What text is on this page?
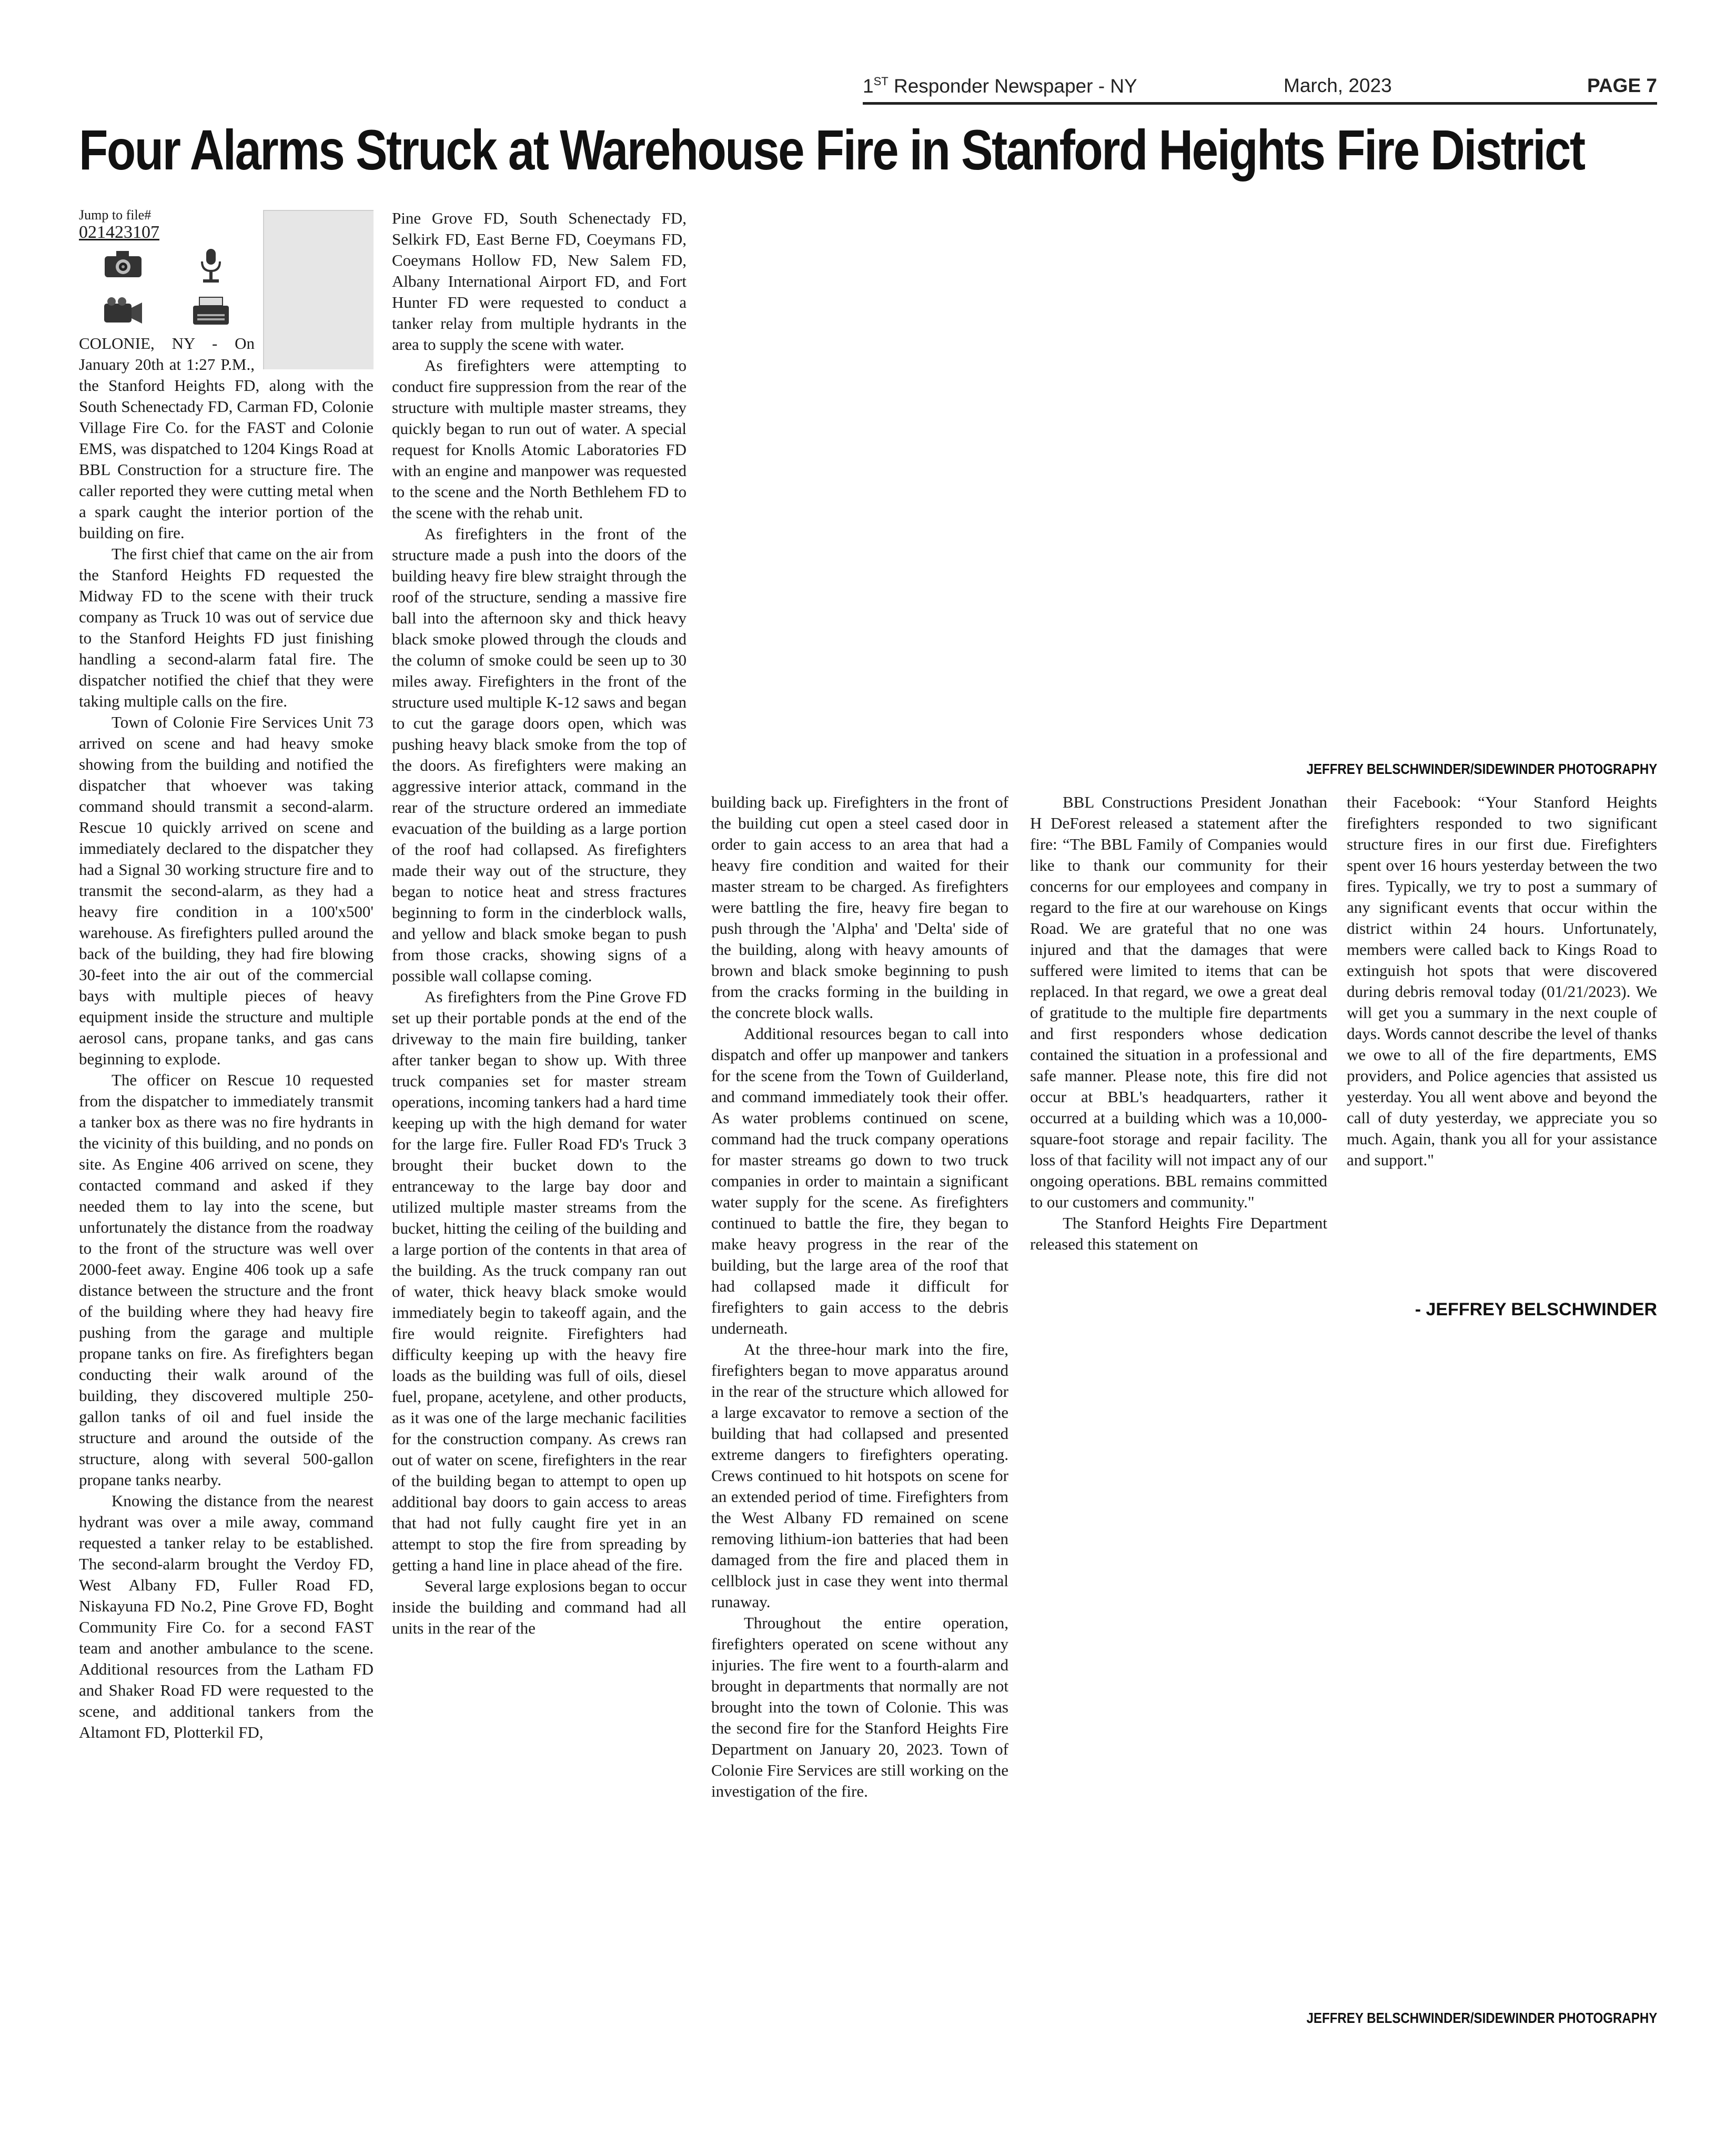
1ST Responder Newspaper - NY	March, 2023	PAGE 7
Four Alarms Struck at Warehouse Fire in Stanford Heights Fire District

Jump to file#
021423107
COLONIE, NY - On January 20th at 1:27 P.M., the Stanford Heights FD, along with the South Schenectady FD, Carman FD, Colonie Village Fire Co. for the FAST and Colonie EMS, was dispatched to 1204 Kings Road at BBL Construction for a structure fire. The caller reported they were cutting metal when a spark caught the interior portion of the building on fire.

The first chief that came on the air from the Stanford Heights FD requested the Midway FD to the scene with their truck company as Truck 10 was out of service due to the Stanford Heights FD just finishing handling a second-alarm fatal fire. The dispatcher notified the chief that they were taking multiple calls on the fire.

Town of Colonie Fire Services Unit 73 arrived on scene and had heavy smoke showing from the building and notified the dispatcher that whoever was taking command should transmit a second-alarm. Rescue 10 quickly arrived on scene and immediately declared to the dispatcher they had a Signal 30 working structure fire and to transmit the second-alarm, as they had a heavy fire condition in a 100'x500' warehouse. As firefighters pulled around the back of the building, they had fire blowing 30-feet into the air out of the commercial bays with multiple pieces of heavy equipment inside the structure and multiple aerosol cans, propane tanks, and gas cans beginning to explode.

The officer on Rescue 10 requested from the dispatcher to immediately transmit a tanker box as there was no fire hydrants in the vicinity of this building, and no ponds on site. As Engine 406 arrived on scene, they contacted command and asked if they needed them to lay into the scene, but unfortunately the distance from the roadway to the front of the structure was well over 2000-feet away. Engine 406 took up a safe distance between the structure and the front of the building where they had heavy fire pushing from the garage and multiple propane tanks on fire. As firefighters began conducting their walk around of the building, they discovered multiple 250-gallon tanks of oil and fuel inside the structure and around the outside of the structure, along with several 500-gallon propane tanks nearby.

Knowing the distance from the nearest hydrant was over a mile away, command requested a tanker relay to be established. The second-alarm brought the Verdoy FD, West Albany FD, Fuller Road FD, Niskayuna FD No.2, Pine Grove FD, Boght Community Fire Co. for a second FAST team and another ambulance to the scene. Additional resources from the Latham FD and Shaker Road FD were requested to the scene, and additional tankers from the Altamont FD, Plotterkil FD,

Pine Grove FD, South Schenectady FD, Selkirk FD, East Berne FD, Coeymans FD, Coeymans Hollow FD, New Salem FD, Albany International Airport FD, and Fort Hunter FD were requested to conduct a tanker relay from multiple hydrants in the area to supply the scene with water.

As firefighters were attempting to conduct fire suppression from the rear of the structure with multiple master streams, they quickly began to run out of water. A special request for Knolls Atomic Laboratories FD with an engine and manpower was requested to the scene and the North Bethlehem FD to the scene with the rehab unit.

As firefighters in the front of the structure made a push into the doors of the building heavy fire blew straight through the roof of the structure, sending a massive fire ball into the afternoon sky and thick heavy black smoke plowed through the clouds and the column of smoke could be seen up to 30 miles away. Firefighters in the front of the structure used multiple K-12 saws and began to cut the garage doors open, which was pushing heavy black smoke from the top of the doors. As firefighters were making an aggressive interior attack, command in the rear of the structure ordered an immediate evacuation of the building as a large portion of the roof had collapsed. As firefighters made their way out of the structure, they began to notice heat and stress fractures beginning to form in the cinderblock walls, and yellow and black smoke began to push from those cracks, showing signs of a possible wall collapse coming.

As firefighters from the Pine Grove FD set up their portable ponds at the end of the driveway to the main fire building, tanker after tanker began to show up. With three truck companies set for master stream operations, incoming tankers had a hard time keeping up with the high demand for water for the large fire. Fuller Road FD's Truck 3 brought their bucket down to the entranceway to the large bay door and utilized multiple master streams from the bucket, hitting the ceiling of the building and a large portion of the contents in that area of the building. As the truck company ran out of water, thick heavy black smoke would immediately begin to takeoff again, and the fire would reignite. Firefighters had difficulty keeping up with the heavy fire loads as the building was full of oils, diesel fuel, propane, acetylene, and other products, as it was one of the large mechanic facilities for the construction company. As crews ran out of water on scene, firefighters in the rear of the building began to attempt to open up additional bay doors to gain access to areas that had not fully caught fire yet in an attempt to stop the fire from spreading by getting a hand line in place ahead of the fire.

Several large explosions began to occur inside the building and command had all units in the rear of the

JEFFREY BELSCHWINDER/SIDEWINDER PHOTOGRAPHY

building back up. Firefighters in the front of the building cut open a steel cased door in order to gain access to an area that had a heavy fire condition and waited for their master stream to be charged. As firefighters were battling the fire, heavy fire began to push through the 'Alpha' and 'Delta' side of the building, along with heavy amounts of brown and black smoke beginning to push from the cracks forming in the building in the concrete block walls.

Additional resources began to call into dispatch and offer up manpower and tankers for the scene from the Town of Guilderland, and command immediately took their offer. As water problems continued on scene, command had the truck company operations for master streams go down to two truck companies in order to maintain a significant water supply for the scene. As firefighters continued to battle the fire, they began to make heavy progress in the rear of the building, but the large area of the roof that had collapsed made it difficult for firefighters to gain access to the debris underneath.

At the three-hour mark into the fire, firefighters began to move apparatus around in the rear of the structure which allowed for a large excavator to remove a section of the building that had collapsed and presented extreme dangers to firefighters operating. Crews continued to hit hotspots on scene for an extended period of time. Firefighters from the West Albany FD remained on scene removing lithium-ion batteries that had been damaged from the fire and placed them in cellblock just in case they went into thermal runaway.

Throughout the entire operation, firefighters operated on scene without any injuries. The fire went to a fourth-alarm and brought in departments that normally are not brought into the town of Colonie. This was the second fire for the Stanford Heights Fire Department on January 20, 2023. Town of Colonie Fire Services are still working on the investigation of the fire.

BBL Constructions President Jonathan H DeForest released a statement after the fire: “The BBL Family of Companies would like to thank our community for their concerns for our employees and company in regard to the fire at our warehouse on Kings Road. We are grateful that no one was injured and that the damages that were suffered were limited to items that can be replaced. In that regard, we owe a great deal of gratitude to the multiple fire departments and first responders whose dedication contained the situation in a professional and safe manner. Please note, this fire did not occur at BBL's headquarters, rather it occurred at a building which was a 10,000-square-foot storage and repair facility. The loss of that facility will not impact any of our ongoing operations. BBL remains committed to our customers and community."

The Stanford Heights Fire Department released this statement on

their Facebook: “Your Stanford Heights firefighters responded to two significant structure fires in our first due. Firefighters spent over 16 hours yesterday between the two fires. Typically, we try to post a summary of any significant events that occur within the district within 24 hours. Unfortunately, members were called back to Kings Road to extinguish hot spots that were discovered during debris removal today (01/21/2023). We will get you a summary in the next couple of days. Words cannot describe the level of thanks we owe to all of the fire departments, EMS providers, and Police agencies that assisted us yesterday. You all went above and beyond the call of duty yesterday, we appreciate you so much. Again, thank you all for your assistance and support."

- JEFFREY BELSCHWINDER
JEFFREY BELSCHWINDER/SIDEWINDER PHOTOGRAPHY
